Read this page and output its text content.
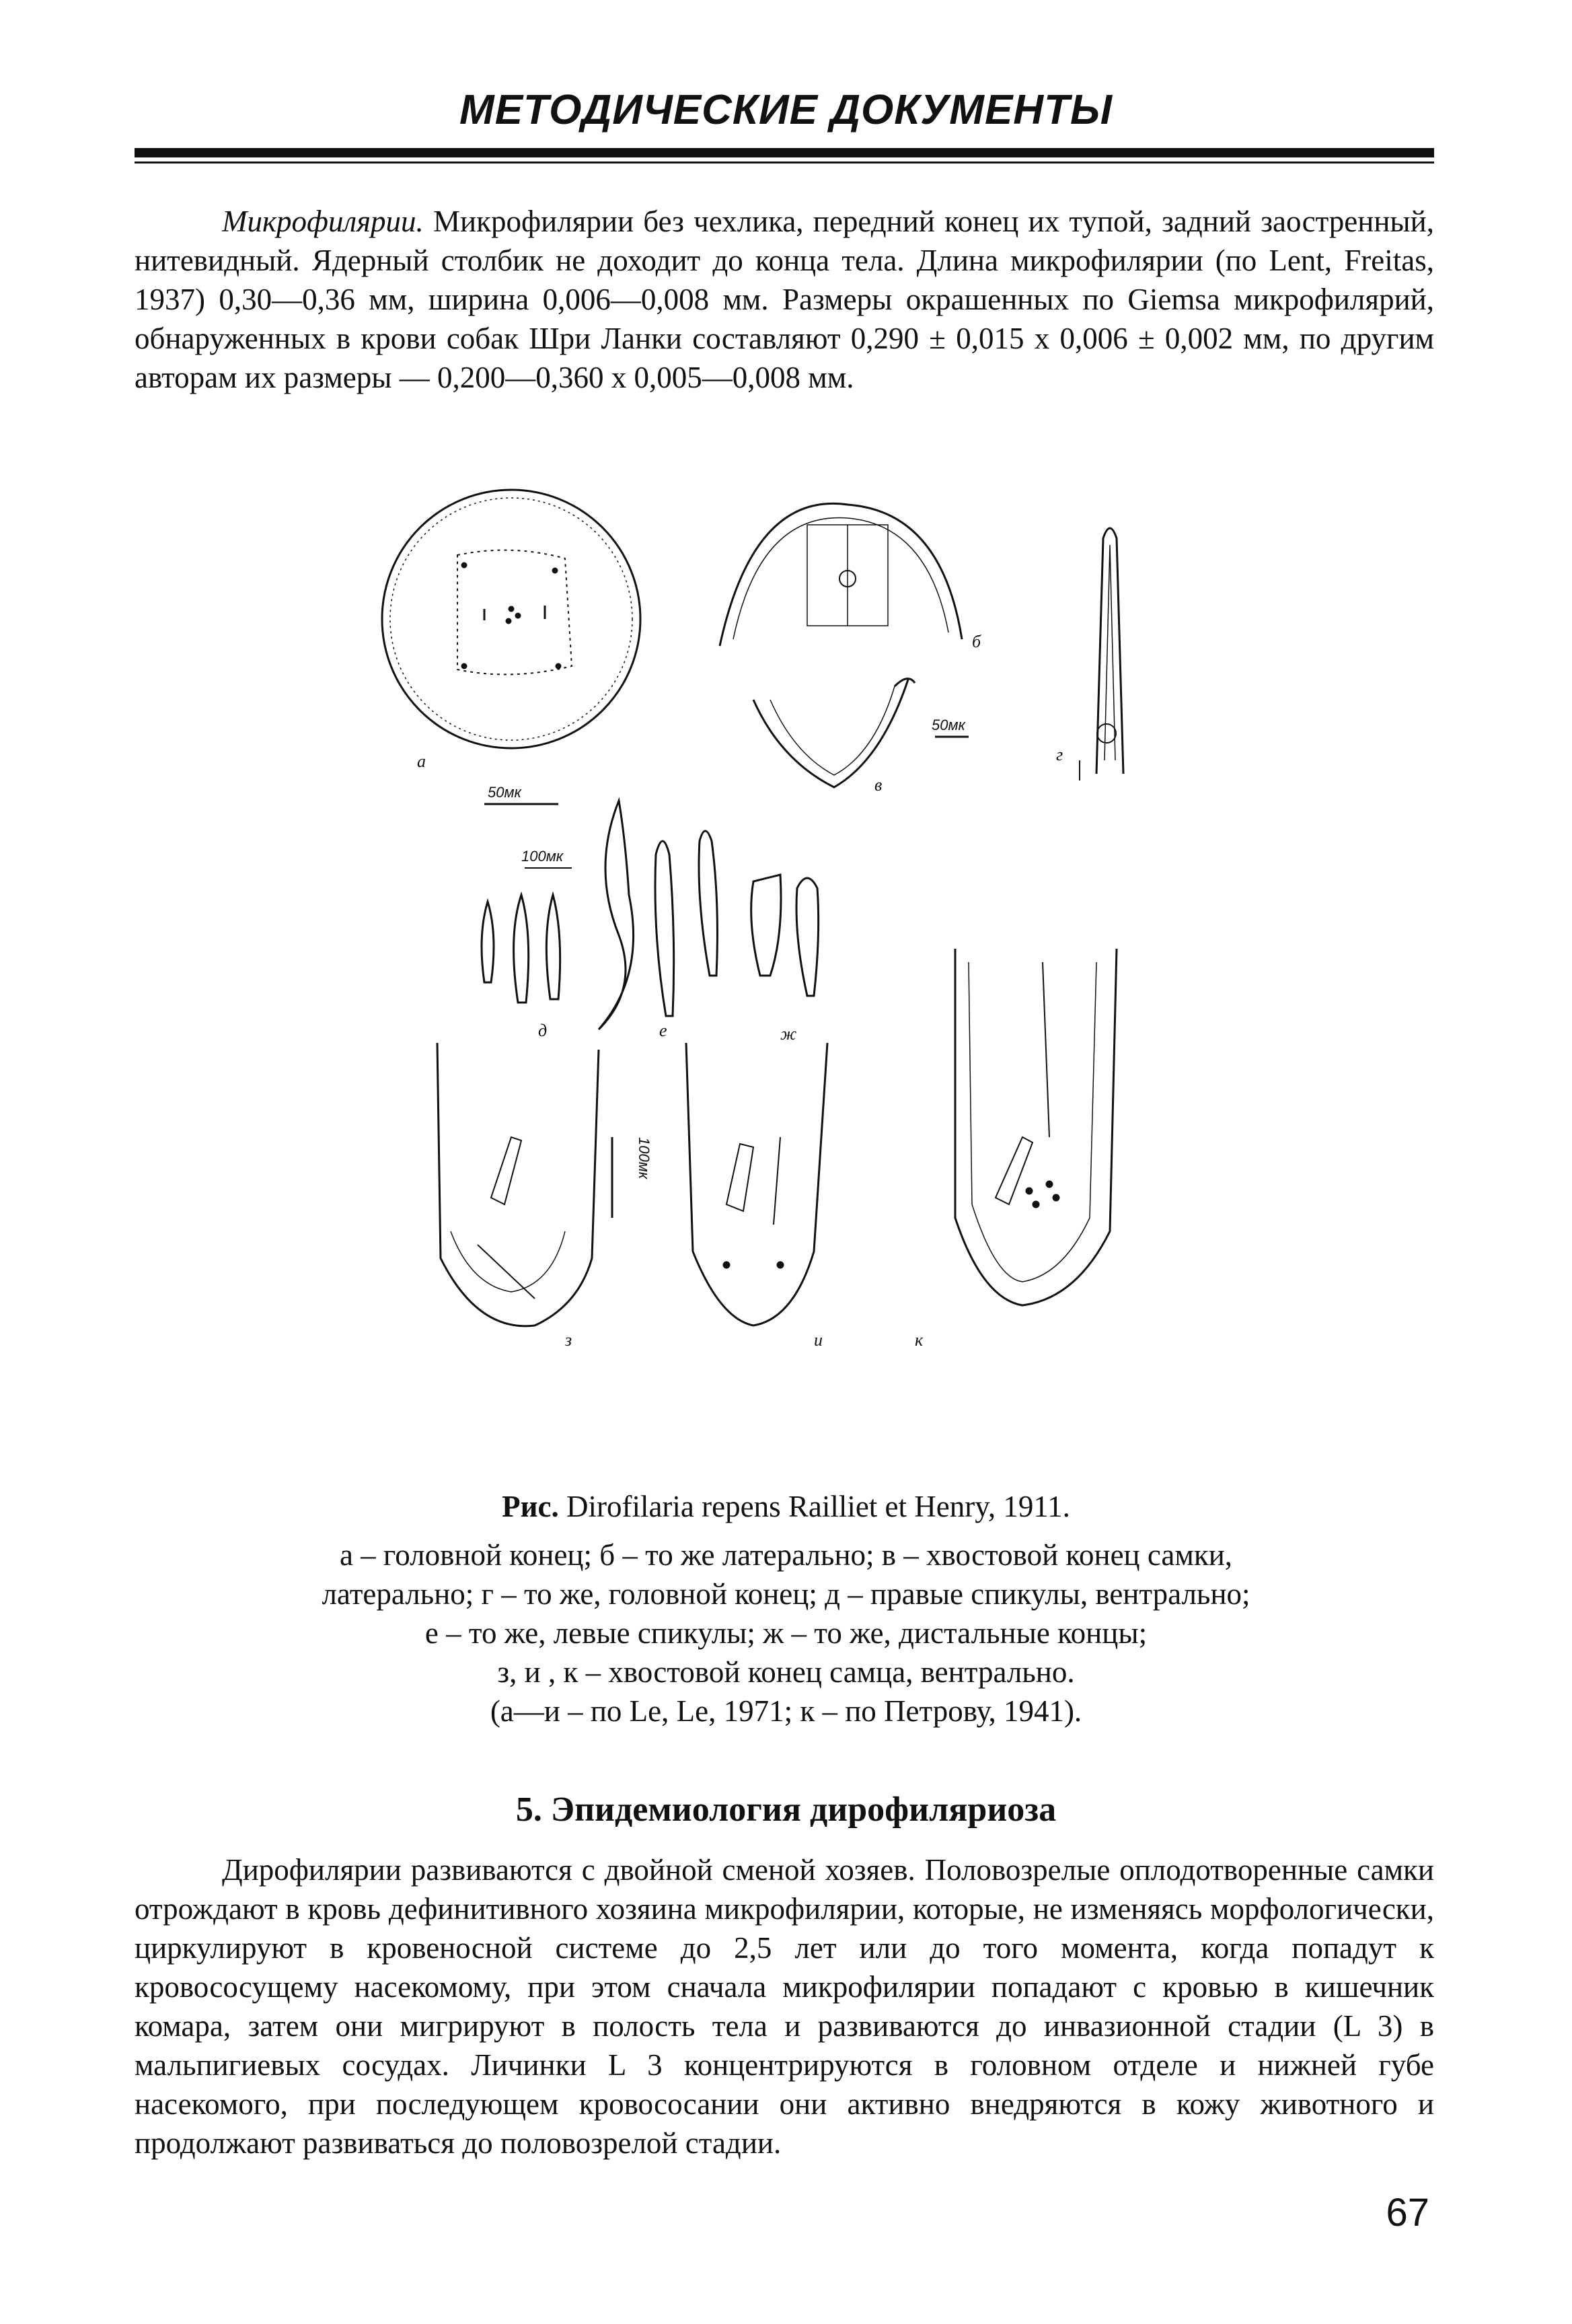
МЕТОДИЧЕСКИЕ ДОКУМЕНТЫ

Микрофилярии. Микрофилярии без чехлика, передний конец их тупой, задний заостренный, нитевидный. Ядерный столбик не доходит до конца тела. Длина микрофилярии (по Lent, Freitas, 1937) 0,30—0,36 мм, ширина 0,006—0,008 мм. Размеры окрашенных по Giemsa микрофилярий, обнаруженных в крови собак Шри Ланки составляют 0,290 ± 0,015 x 0,006 ± 0,002 мм, по другим авторам их размеры — 0,200—0,360 x 0,005—0,008 мм.

а
б
в
г
д	е	ж
з	и	к
50мк
50мк
100мк
100мк
Рис. Dirofilaria repens Railliet et Henry, 1911.
а – головной конец; б – то же латерально; в – хвостовой конец самки,
латерально; г – то же, головной конец; д – правые спикулы, вентрально;
е – то же, левые спикулы; ж – то же, дистальные концы;
з, и , к – хвостовой конец самца, вентрально.
(а—и – по Le, Le, 1971; к – по Петрову, 1941).
5. Эпидемиология дирофиляриоза

Дирофилярии развиваются с двойной сменой хозяев. Половозрелые оплодотворенные самки отрождают в кровь дефинитивного хозяина микрофилярии, которые, не изменяясь морфологически, циркулируют в кровеносной системе до 2,5 лет или до того момента, когда попадут к кровососущему насекомому, при этом сначала микрофилярии попадают с кровью в кишечник комара, затем они мигрируют в полость тела и развиваются до инвазионной стадии (L 3) в мальпигиевых сосудах. Личинки L 3 концентрируются в головном отделе и нижней губе насекомого, при последующем кровососании они активно внедряются в кожу животного и продолжают развиваться до половозрелой стадии.

67
